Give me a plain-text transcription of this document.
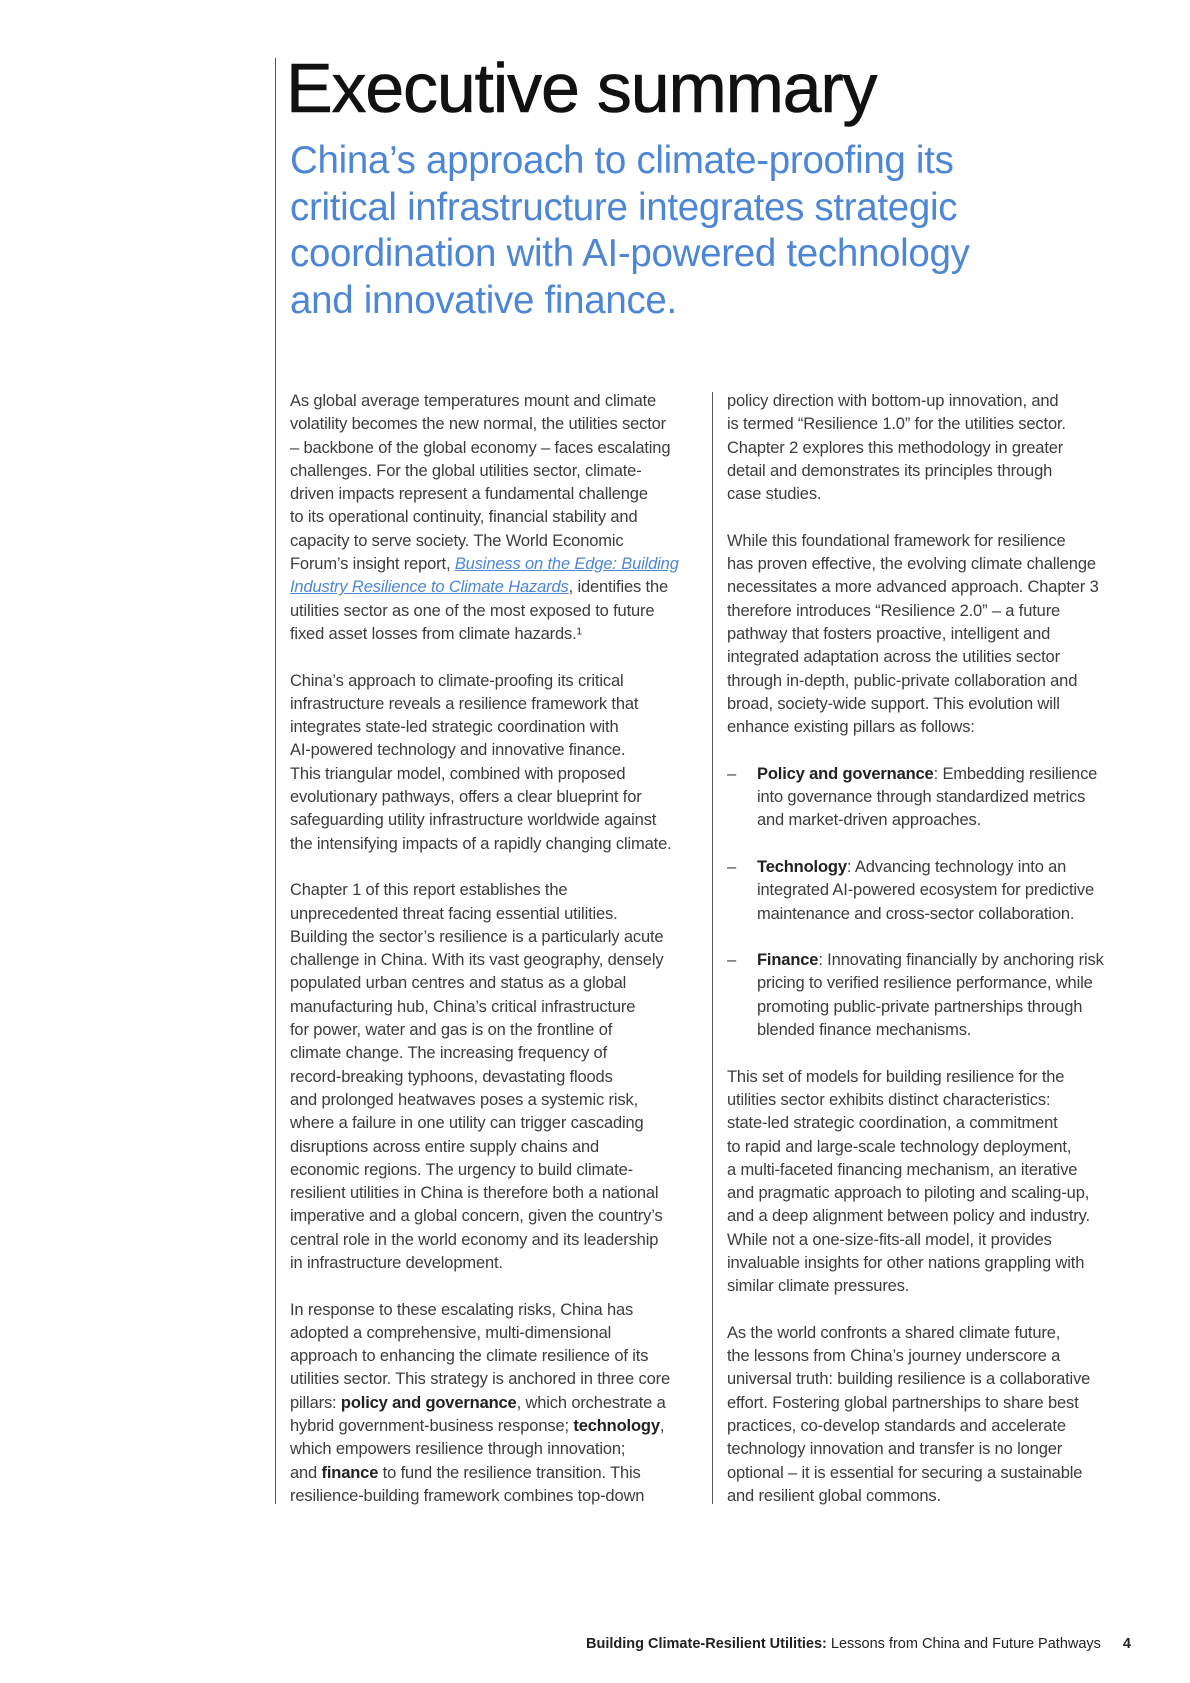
Executive summary
China’s approach to climate-proofing its
critical infrastructure integrates strategic
coordination with AI-powered technology
and innovative finance.

As global average temperatures mount and climate
volatility becomes the new normal, the utilities sector
– backbone of the global economy – faces escalating
challenges. For the global utilities sector, climate-
driven impacts represent a fundamental challenge
to its operational continuity, financial stability and
capacity to serve society. The World Economic
Forum’s insight report, Business on the Edge: Building
Industry Resilience to Climate Hazards, identifies the
utilities sector as one of the most exposed to future
fixed asset losses from climate hazards.¹

China’s approach to climate-proofing its critical
infrastructure reveals a resilience framework that
integrates state-led strategic coordination with
AI-powered technology and innovative finance.
This triangular model, combined with proposed
evolutionary pathways, offers a clear blueprint for
safeguarding utility infrastructure worldwide against
the intensifying impacts of a rapidly changing climate.

Chapter 1 of this report establishes the
unprecedented threat facing essential utilities.
Building the sector’s resilience is a particularly acute
challenge in China. With its vast geography, densely
populated urban centres and status as a global
manufacturing hub, China’s critical infrastructure
for power, water and gas is on the frontline of
climate change. The increasing frequency of
record-breaking typhoons, devastating floods
and prolonged heatwaves poses a systemic risk,
where a failure in one utility can trigger cascading
disruptions across entire supply chains and
economic regions. The urgency to build climate-
resilient utilities in China is therefore both a national
imperative and a global concern, given the country’s
central role in the world economy and its leadership
in infrastructure development.

In response to these escalating risks, China has
adopted a comprehensive, multi-dimensional
approach to enhancing the climate resilience of its
utilities sector. This strategy is anchored in three core
pillars: policy and governance, which orchestrate a
hybrid government-business response; technology,
which empowers resilience through innovation;
and finance to fund the resilience transition. This
resilience-building framework combines top-down

policy direction with bottom-up innovation, and
is termed “Resilience 1.0” for the utilities sector.
Chapter 2 explores this methodology in greater
detail and demonstrates its principles through
case studies.

While this foundational framework for resilience
has proven effective, the evolving climate challenge
necessitates a more advanced approach. Chapter 3
therefore introduces “Resilience 2.0” – a future
pathway that fosters proactive, intelligent and
integrated adaptation across the utilities sector
through in-depth, public-private collaboration and
broad, society-wide support. This evolution will
enhance existing pillars as follows:

– Policy and governance: Embedding resilience
into governance through standardized metrics
and market-driven approaches.
– Technology: Advancing technology into an
integrated AI-powered ecosystem for predictive
maintenance and cross-sector collaboration.
– Finance: Innovating financially by anchoring risk
pricing to verified resilience performance, while
promoting public-private partnerships through
blended finance mechanisms.

This set of models for building resilience for the
utilities sector exhibits distinct characteristics:
state-led strategic coordination, a commitment
to rapid and large-scale technology deployment,
a multi-faceted financing mechanism, an iterative
and pragmatic approach to piloting and scaling-up,
and a deep alignment between policy and industry.
While not a one-size-fits-all model, it provides
invaluable insights for other nations grappling with
similar climate pressures.

As the world confronts a shared climate future,
the lessons from China’s journey underscore a
universal truth: building resilience is a collaborative
effort. Fostering global partnerships to share best
practices, co-develop standards and accelerate
technology innovation and transfer is no longer
optional – it is essential for securing a sustainable
and resilient global commons.

Building Climate-Resilient Utilities: Lessons from China and Future Pathways 4
